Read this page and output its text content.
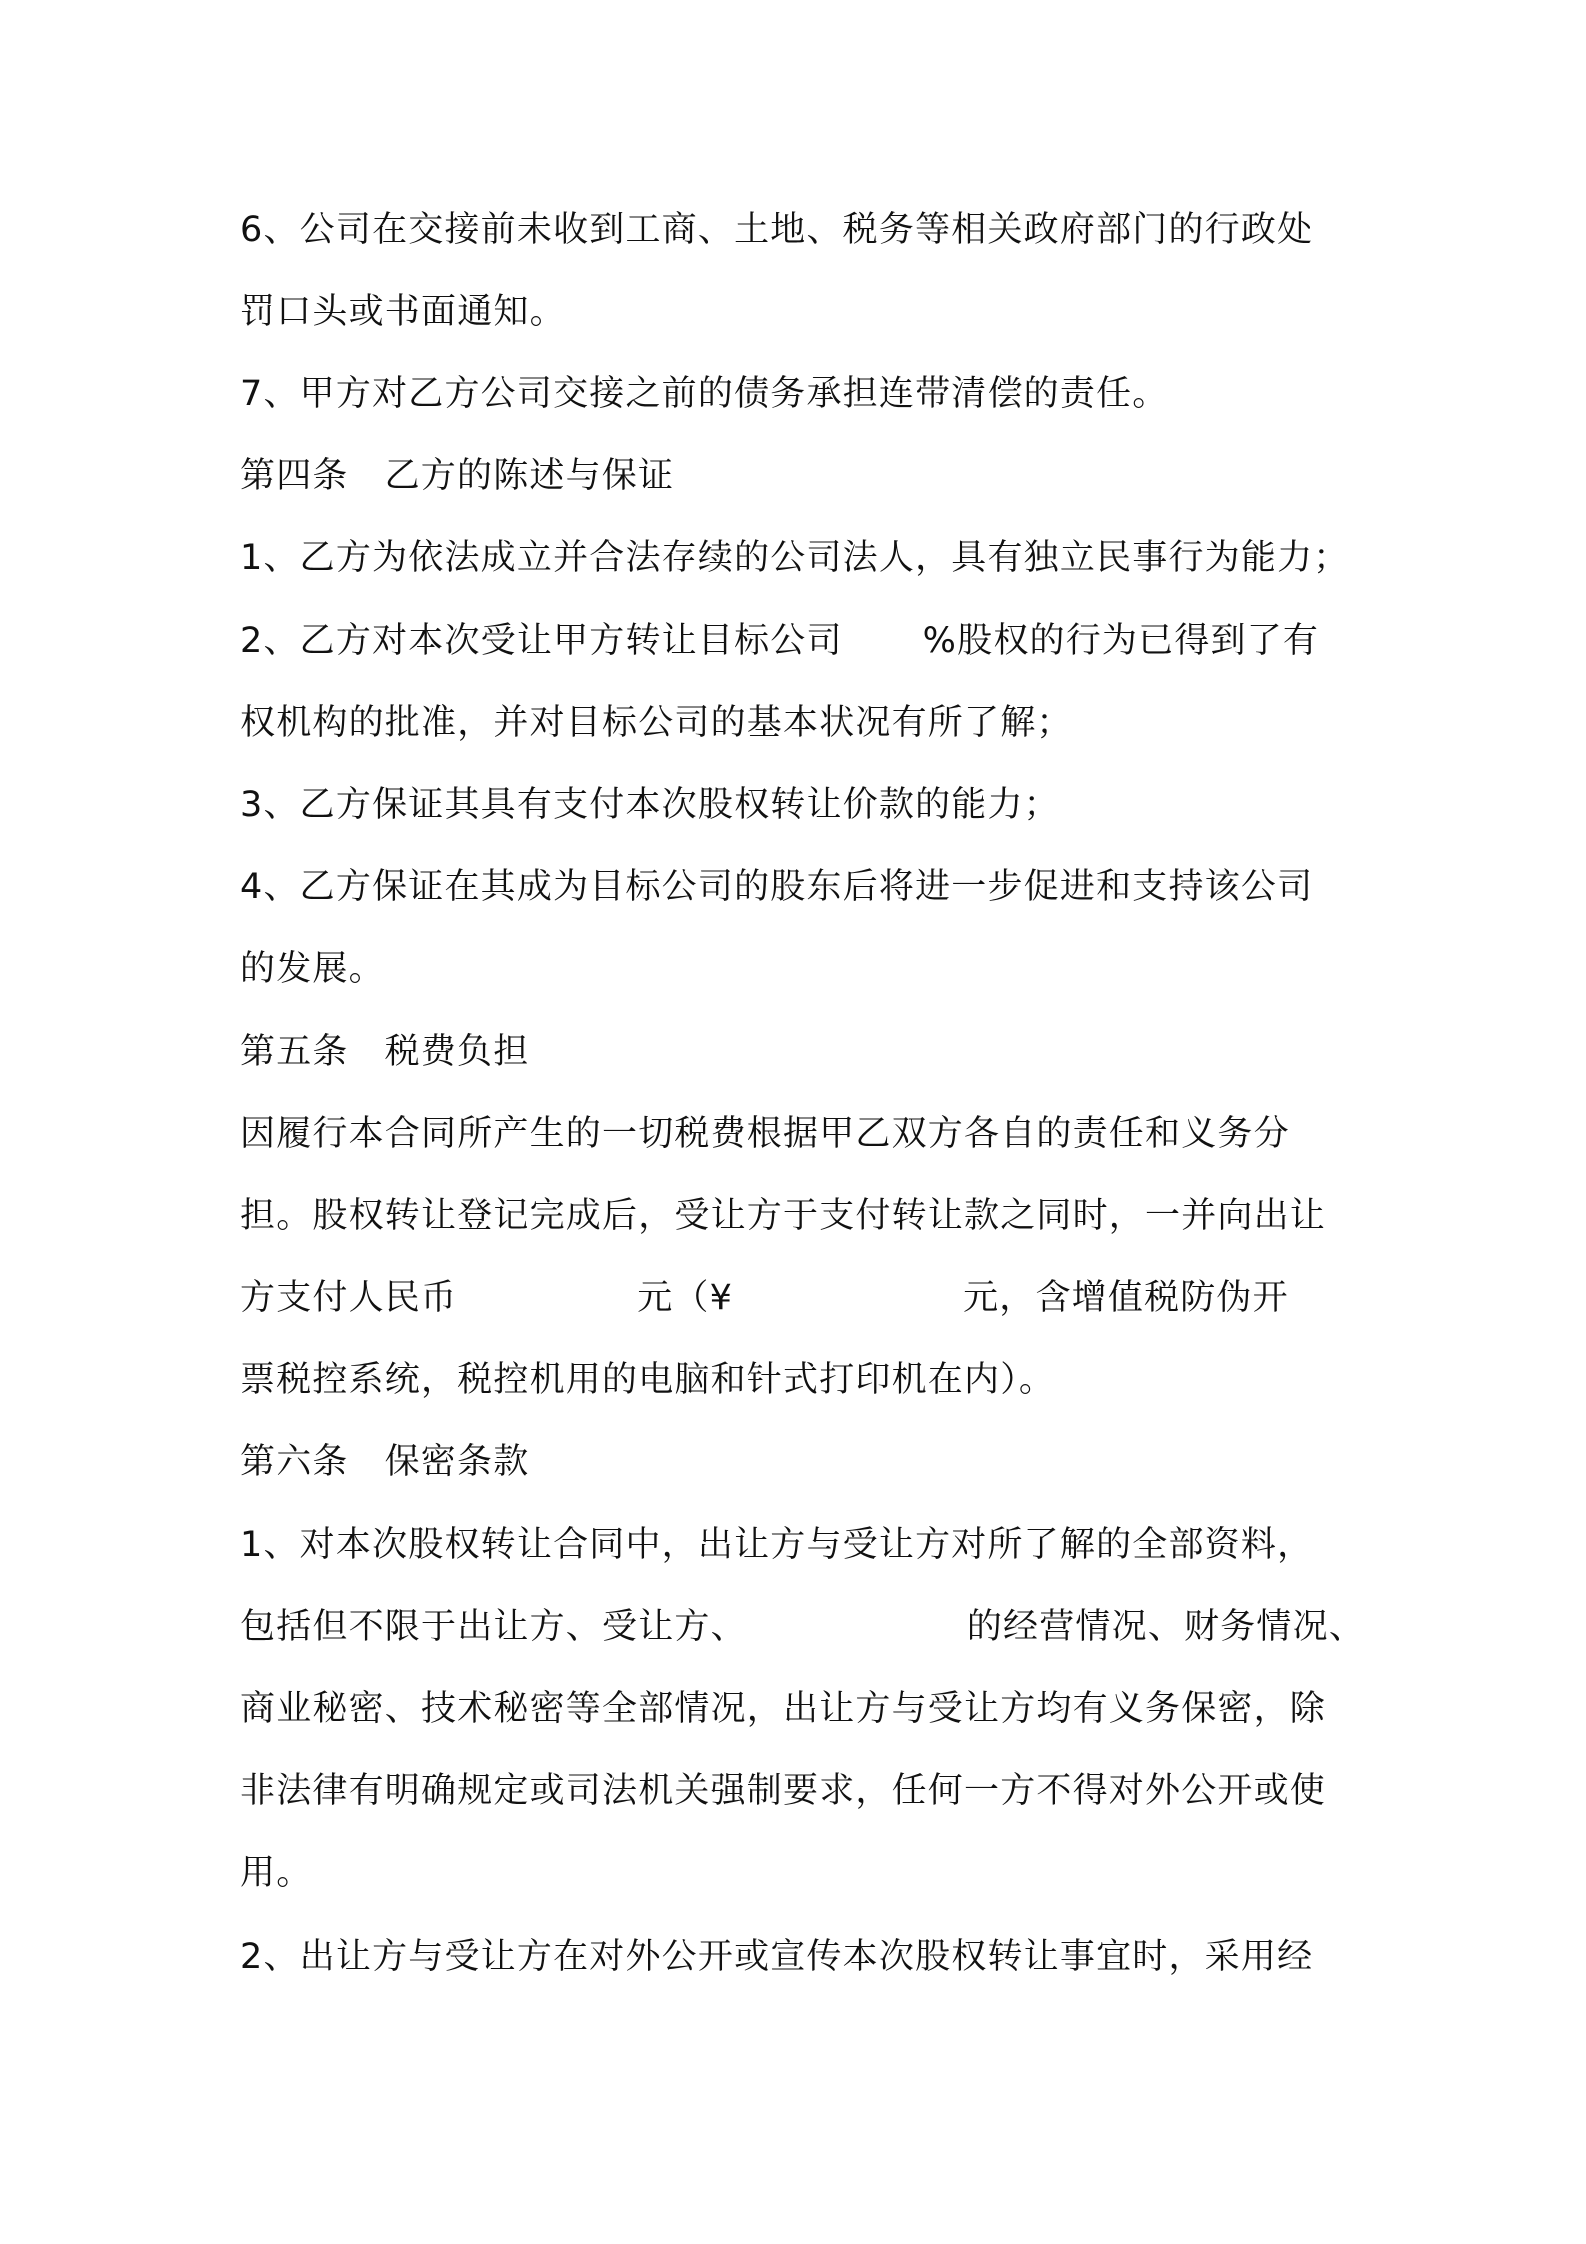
6、公司在交接前未收到工商、土地、税务等相关政府部门的行政处
罚口头或书面通知。
7、甲方对乙方公司交接之前的债务承担连带清偿的责任。
第四条 乙方的陈述与保证
1、乙方为依法成立并合法存续的公司法人，具有独立民事行为能力；
2、乙方对本次受让甲方转让目标公司 %股权的行为已得到了有
权机构的批准，并对目标公司的基本状况有所了解；
3、乙方保证其具有支付本次股权转让价款的能力；
4、乙方保证在其成为目标公司的股东后将进一步促进和支持该公司
的发展。
第五条 税费负担
因履行本合同所产生的一切税费根据甲乙双方各自的责任和义务分
担。股权转让登记完成后，受让方于支付转让款之同时，一并向出让
方支付人民币	元（¥	元，含增值税防伪开
票税控系统，税控机用的电脑和针式打印机在内）。
第六条 保密条款
1、对本次股权转让合同中，出让方与受让方对所了解的全部资料，
包括但不限于出让方、受让方、	的经营情况、财务情况、
商业秘密、技术秘密等全部情况，出让方与受让方均有义务保密，除
非法律有明确规定或司法机关强制要求，任何一方不得对外公开或使
用。
2、出让方与受让方在对外公开或宣传本次股权转让事宜时，采用经
